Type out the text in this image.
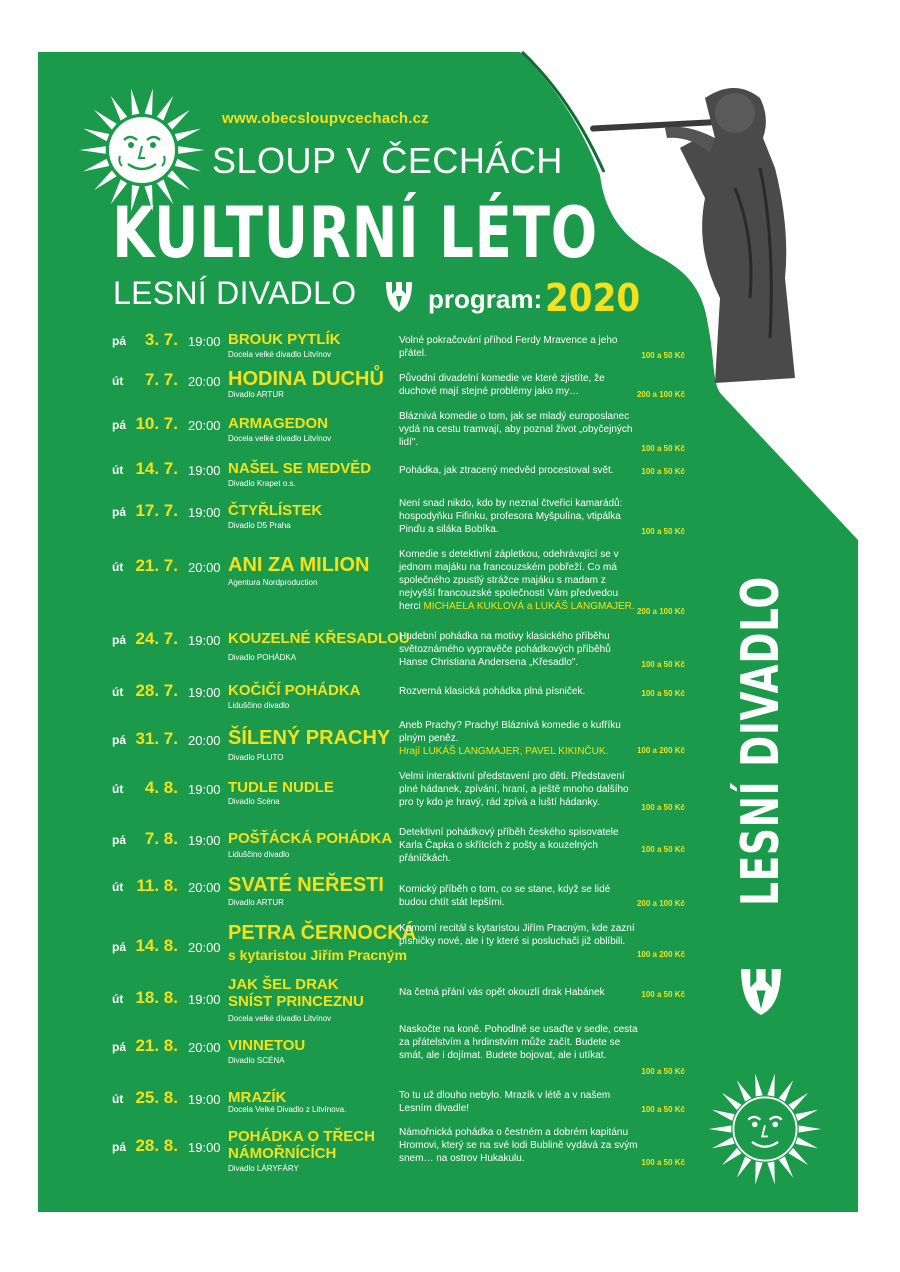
www.obecsloupvcechach.cz
SLOUP V ČECHÁCH
KULTURNÍ LÉTO
LESNÍ DIVADLO	program: 2020
LESNÍ DIVADLO
pá	3. 7. 19:00 BROUK PYTLÍK
Docela velké divadlo Litvínov
Volné pokračování příhod Ferdy Mravence a jeho přátel.	100 a 50 Kč
út	7. 7. 20:00 HODINA DUCHŮ
Divadlo ARTUR
Původní divadelní komedie ve které zjistíte, že duchové mají stejné problémy jako my…	200 a 100 Kč
pá 10. 7. 20:00 ARMAGEDON
Docela velké divadlo Litvínov
Bláznivá komedie o tom, jak se mladý europoslanec vydá na cestu tramvají, aby poznal život „obyčejných lidí".
100 a 50 Kč
út 14. 7. 19:00 NAŠEL SE MEDVĚD
Divadlo Krapet o.s.
Pohádka, jak ztracený medvěd procestoval svět.	100 a 50 Kč
pá 17. 7. 19:00 ČTYŘLÍSTEK
Divadlo D5 Praha
Není snad nikdo, kdo by neznal čtveřici kamarádů: hospodyňku Fifinku, profesora Myšpulína, vtipálka Pinďu a siláka Bobíka.	100 a 50 Kč
út 21. 7. 20:00 ANI ZA MILION
Agentura Nordproduction
Komedie s detektivní zápletkou, odehrávající se v jednom majáku na francouzském pobřeží. Co má společného zpustlý strážce majáku s madam z nejvyšší francouzské společnosti Vám předvedou herci MICHAELA KUKLOVÁ a LUKÁŠ LANGMAJER. 200 a 100 Kč
pá 24. 7. 19:00 KOUZELNÉ KŘESADLOU
Divadlo POHÁDKA
Hudební pohádka na motivy klasického příběhu světoznámého vypravěče pohádkových příběhů Hanse Christiana Andersena „Křesadlo".	100 a 50 Kč
út 28. 7. 19:00 KOČIČÍ POHÁDKA
Liduščino divadlo
Rozverná klasická pohádka plná písniček.	100 a 50 Kč
pá 31. 7. 20:00 ŠÍLENÝ PRACHY
Divadlo PLUTO
Aneb Prachy? Prachy! Bláznivá komedie o kufříku plným peněz.
Hrají LUKÁŠ LANGMAJER, PAVEL KIKINČUK.	100 a 200 Kč
út	4. 8. 19:00 TUDLE NUDLE
Divadlo Scéna
Velmi interaktivní představení pro děti. Představení plné hádanek, zpívání, hraní, a ještě mnoho dalšího pro ty kdo je hravý, rád zpívá a luští hádanky.	100 a 50 Kč
pá	7. 8. 19:00 POŠŤÁCKÁ POHÁDKA
Liduščino divadlo
Detektivní pohádkový příběh českého spisovatele Karla Čapka o skřítcích z pošty a kouzelných přáníčkách.
100 a 50 Kč
út 11. 8. 20:00 SVATÉ NEŘESTI
Divadlo ARTUR
Komický příběh o tom, co se stane, když se lidé budou chtít stát lepšími.	200 a 100 Kč
pá 14. 8. 20:00
PETRA ČERNOCKÁ
s kytaristou Jiřím Pracným
Komorní recitál s kytaristou Jiřím Pracným, kde zazní písničky nové, ale i ty které si posluchači již oblíbili.
100 a 200 Kč
út 18. 8. 19:00
JAK ŠEL DRAK
SNÍST PRINCEZNU
Docela velké divadlo Litvínov
Na četná přání vás opět okouzlí drak Habánek	100 a 50 Kč
pá 21. 8. 20:00 VINNETOU
Divadlo SCÉNA
Naskočte na koně. Pohodlně se usaďte v sedle, cesta za přátelstvím a hrdinstvím může začít. Budete se smát, ale i dojímat. Budete bojovat, ale i utíkat.
100 a 50 Kč
út 25. 8. 19:00 MRAZÍK
Docela Velké Divadlo z Litvínova.
To tu už dlouho nebylo. Mrazík v létě a v našem Lesním divadle!	100 a 50 Kč
pá 28. 8. 19:00
POHÁDKA O TŘECH
NÁMOŘNÍCÍCH
Divadlo LÁRYFÁRY
Námořnická pohádka o čestném a dobrém kapitánu Hromovi, který se na své lodi Bublině vydává za svým snem… na ostrov Hukakulu.	100 a 50 Kč
